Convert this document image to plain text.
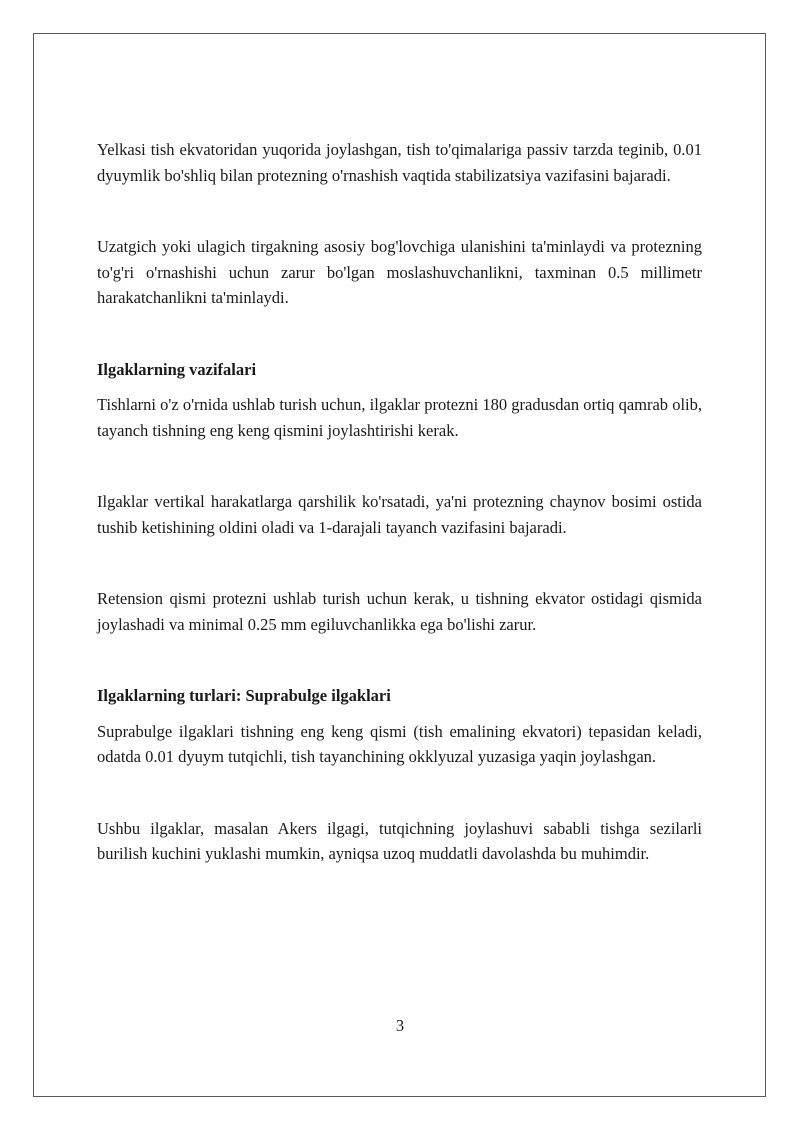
Yelkasi tish ekvatoridan yuqorida joylashgan, tish to'qimalariga passiv tarzda teginib, 0.01 dyuymlik bo'shliq bilan protezning o'rnashish vaqtida stabilizatsiya vazifasini bajaradi.

Uzatgich yoki ulagich tirgakning asosiy bog'lovchiga ulanishini ta'minlaydi va protezning to'g'ri o'rnashishi uchun zarur bo'lgan moslashuvchanlikni, taxminan 0.5 millimetr harakatchanlikni ta'minlaydi.

Ilgaklarning vazifalari

Tishlarni o'z o'rnida ushlab turish uchun, ilgaklar protezni 180 gradusdan ortiq qamrab olib, tayanch tishning eng keng qismini joylashtirishi kerak.

Ilgaklar vertikal harakatlarga qarshilik ko'rsatadi, ya'ni protezning chaynov bosimi ostida tushib ketishining oldini oladi va 1-darajali tayanch vazifasini bajaradi.

Retension qismi protezni ushlab turish uchun kerak, u tishning ekvator ostidagi qismida joylashadi va minimal 0.25 mm egiluvchanlikka ega bo'lishi zarur.

Ilgaklarning turlari: Suprabulge ilgaklari

Suprabulge ilgaklari tishning eng keng qismi (tish emalining ekvatori) tepasidan keladi, odatda 0.01 dyuym tutqichli, tish tayanchining okklyuzal yuzasiga yaqin joylashgan.

Ushbu ilgaklar, masalan Akers ilgagi, tutqichning joylashuvi sababli tishga sezilarli burilish kuchini yuklashi mumkin, ayniqsa uzoq muddatli davolashda bu muhimdir.

3
